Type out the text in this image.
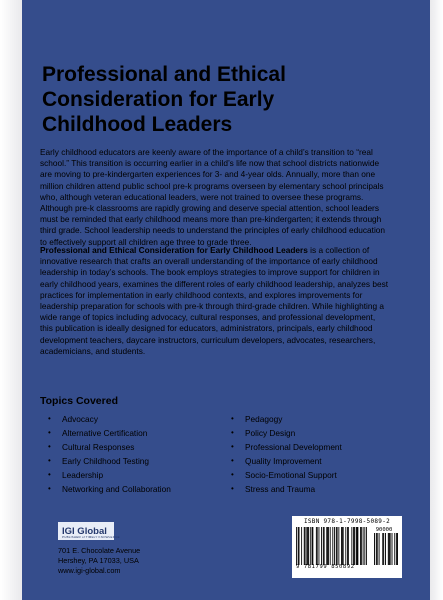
Professional and Ethical
Consideration for Early
Childhood Leaders

Early childhood educators are keenly aware of the importance of a child’s transition to “real school.” This transition is occurring earlier in a child’s life now that school districts nationwide are moving to pre-kindergarten experiences for 3- and 4-year olds. Annually, more than one million children attend public school pre-k programs overseen by elementary school principals who, although veteran educational leaders, were not trained to oversee these programs. Although pre-k classrooms are rapidly growing and deserve special attention, school leaders must be reminded that early childhood means more than pre-kindergarten; it extends through third grade. School leadership needs to understand the principles of early childhood education to effectively support all children age three to grade three.

Professional and Ethical Consideration for Early Childhood Leaders is a collection of innovative research that crafts an overall understanding of the importance of early childhood leadership in today’s schools. The book employs strategies to improve support for children in early childhood years, examines the different roles of early childhood leadership, analyzes best practices for implementation in early childhood contexts, and explores improvements for leadership preparation for schools with pre-k through third-grade children. While highlighting a wide range of topics including advocacy, cultural responses, and professional development, this publication is ideally designed for educators, administrators, principals, early childhood development teachers, daycare instructors, curriculum developers, advocates, researchers, academicians, and students.

Topics Covered
• Advocacy
• Alternative Certification
• Cultural Responses
• Early Childhood Testing
• Leadership
• Networking and Collaboration
• Pedagogy
• Policy Design
• Professional Development
• Quality Improvement
• Socio-Emotional Support
• Stress and Trauma
IGI Global
PUBLISHER of TIMELY KNOWLEDGE
701 E. Chocolate Avenue
Hershey, PA 17033, USA
www.igi-global.com
ISBN 978-1-7998-5089-2
90000
9 781799 850892
